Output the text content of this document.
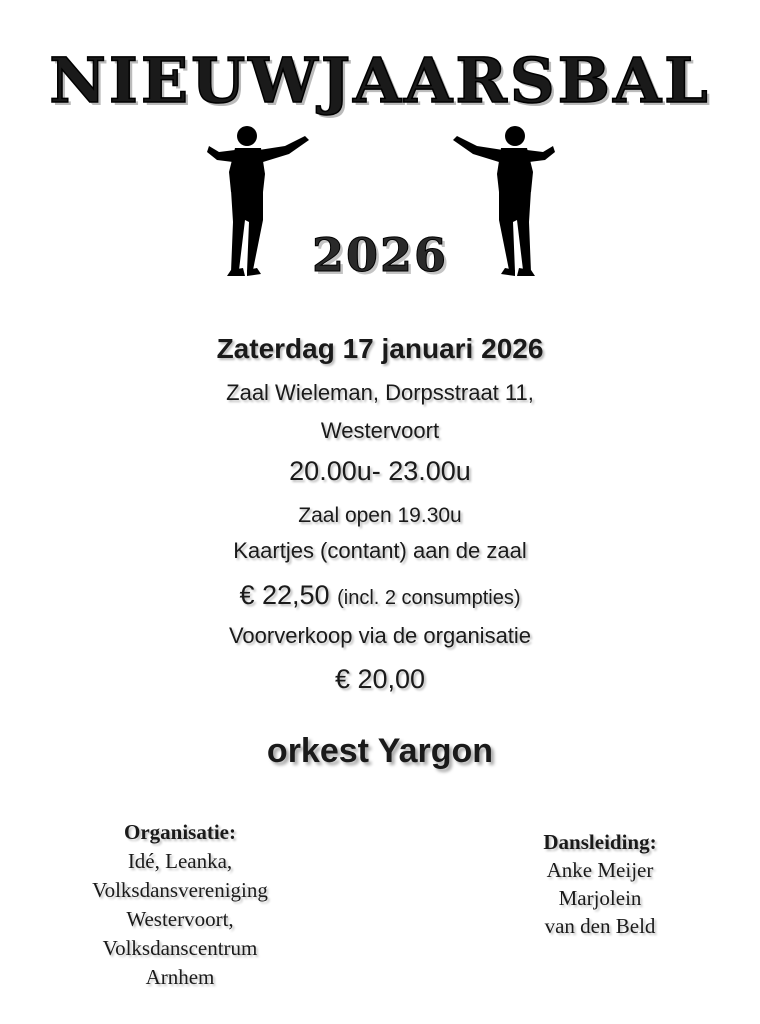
NIEUWJAARSBAL
2026
Zaterdag 17 januari 2026
Zaal Wieleman, Dorpsstraat 11,
Westervoort
20.00u- 23.00u
Zaal open 19.30u
Kaartjes (contant) aan de zaal
€ 22,50 (incl. 2 consumpties)
Voorverkoop via de organisatie
€ 20,00
orkest Yargon
Organisatie:
Idé, Leanka,
Volksdansvereniging
Westervoort,
Volksdanscentrum
Arnhem
Dansleiding:
Anke Meijer
Marjolein
van den Beld
